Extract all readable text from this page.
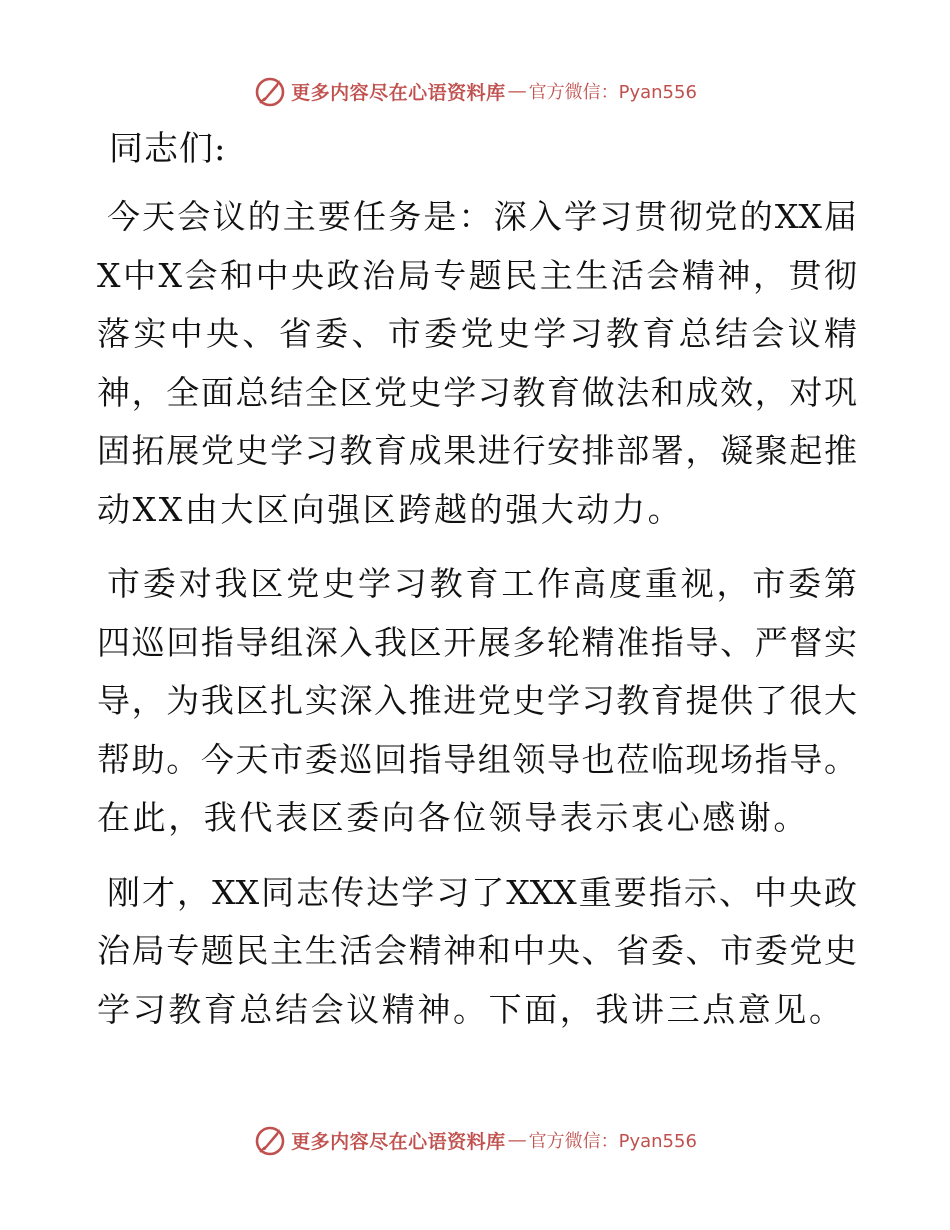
更多内容尽在心语资料库 — 官方微信：Pyan556
同志们:
今天会议的主要任务是：深入学习贯彻党的XX届
X中X会和中央政治局专题民主生活会精神，贯彻
落实中央、省委、市委党史学习教育总结会议精
神，全面总结全区党史学习教育做法和成效，对巩
固拓展党史学习教育成果进行安排部署，凝聚起推
动XX由大区向强区跨越的强大动力。
市委对我区党史学习教育工作高度重视，市委第
四巡回指导组深入我区开展多轮精准指导、严督实
导，为我区扎实深入推进党史学习教育提供了很大
帮助。今天市委巡回指导组领导也莅临现场指导。
在此，我代表区委向各位领导表示衷心感谢。
刚才，XX同志传达学习了XXX重要指示、中央政
治局专题民主生活会精神和中央、省委、市委党史
学习教育总结会议精神。下面，我讲三点意见。
更多内容尽在心语资料库 — 官方微信：Pyan556
